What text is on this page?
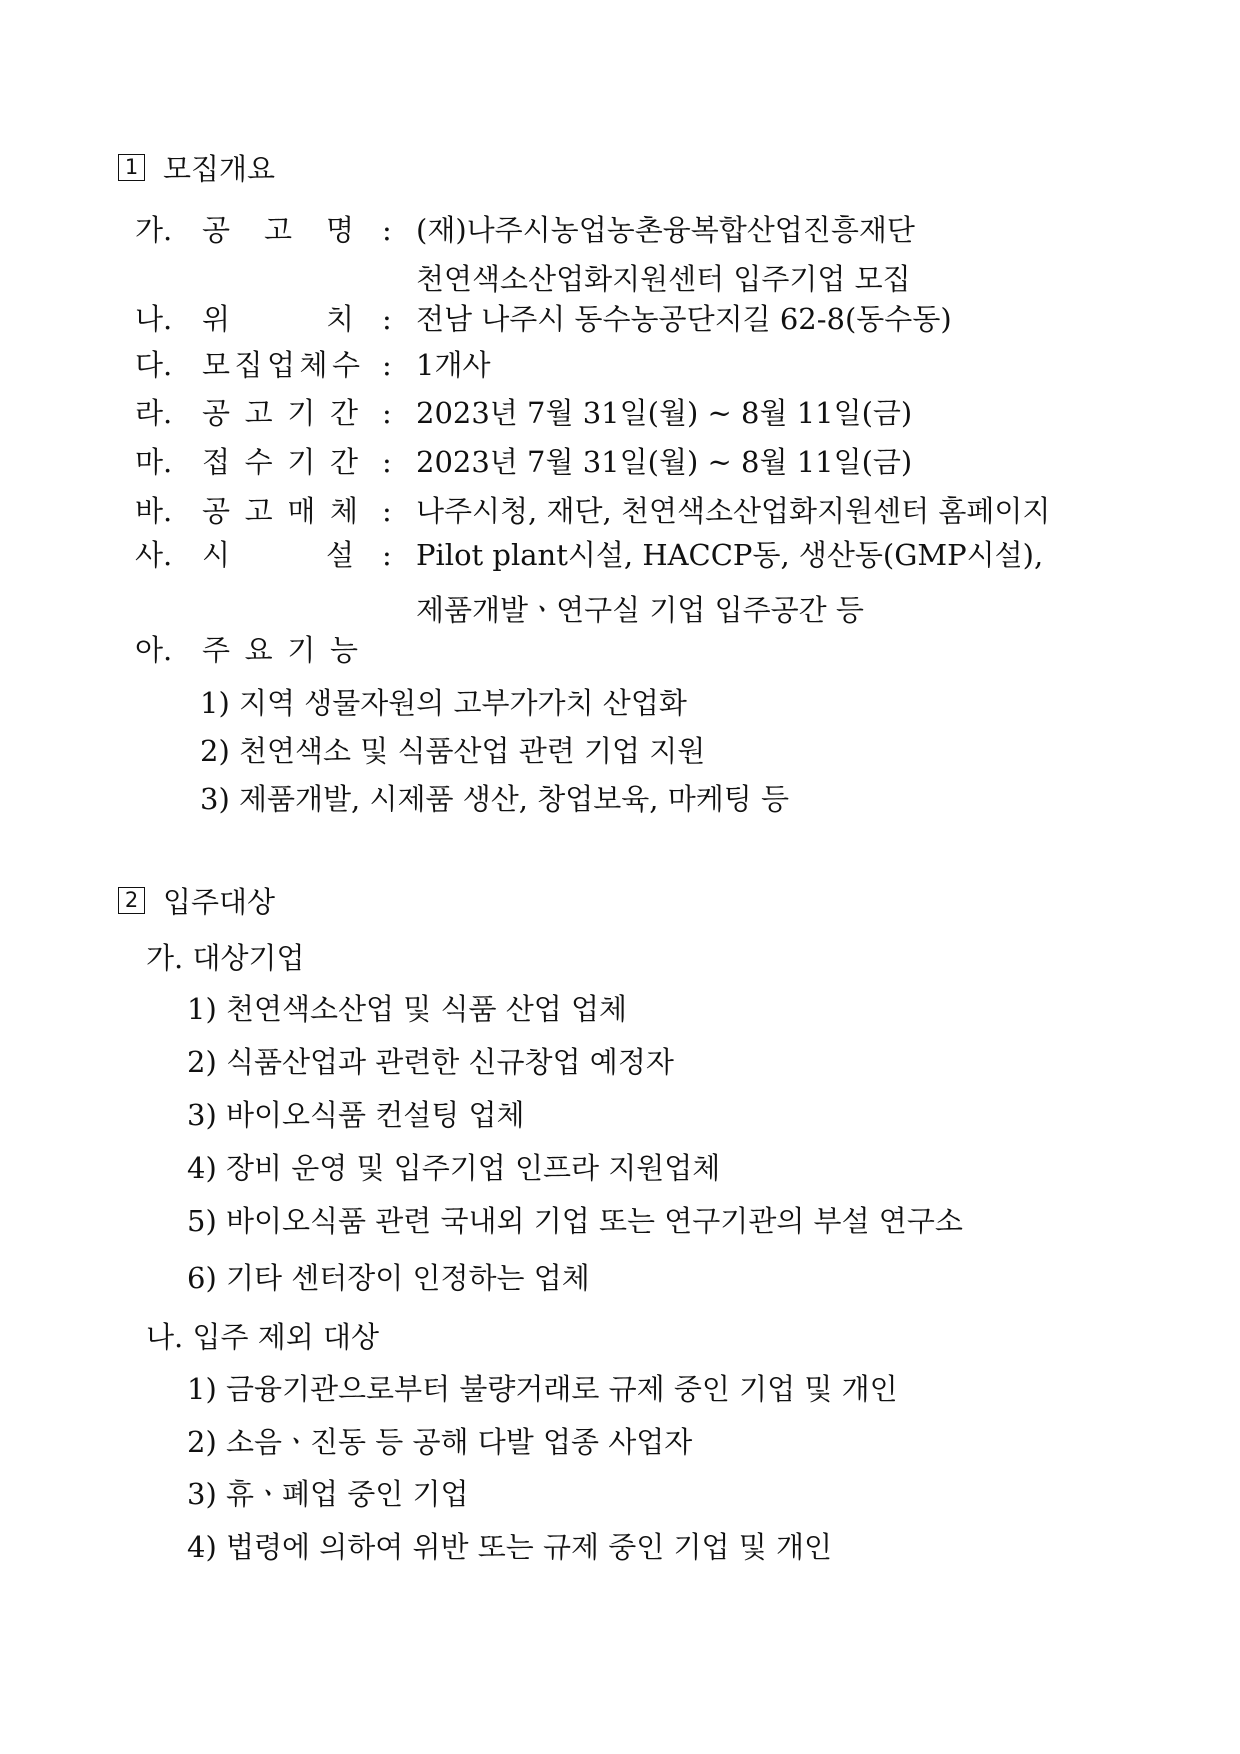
1 모집개요
가. 공 고 명 : (재)나주시농업농촌융복합산업진흥재단
천연색소산업화지원센터 입주기업 모집
나. 위	치 : 전남 나주시 동수농공단지길 62-8(동수동)
다. 모 집 업 체 수 : 1개사
라. 공 고 기 간 : 2023년 7월 31일(월) ~ 8월 11일(금)
마. 접 수 기 간 : 2023년 7월 31일(월) ~ 8월 11일(금)
바. 공 고 매 체 : 나주시청, 재단, 천연색소산업화지원센터 홈페이지
사. 시	설 : Pilot plant시설, HACCP동, 생산동(GMP시설),
제품개발ㆍ연구실 기업 입주공간 등
아. 주 요 기 능
1) 지역 생물자원의 고부가가치 산업화
2) 천연색소 및 식품산업 관련 기업 지원
3) 제품개발, 시제품 생산, 창업보육, 마케팅 등
2 입주대상
가. 대상기업
1) 천연색소산업 및 식품 산업 업체
2) 식품산업과 관련한 신규창업 예정자
3) 바이오식품 컨설팅 업체
4) 장비 운영 및 입주기업 인프라 지원업체
5) 바이오식품 관련 국내외 기업 또는 연구기관의 부설 연구소
6) 기타 센터장이 인정하는 업체
나. 입주 제외 대상
1) 금융기관으로부터 불량거래로 규제 중인 기업 및 개인
2) 소음ㆍ진동 등 공해 다발 업종 사업자
3) 휴ㆍ폐업 중인 기업
4) 법령에 의하여 위반 또는 규제 중인 기업 및 개인
